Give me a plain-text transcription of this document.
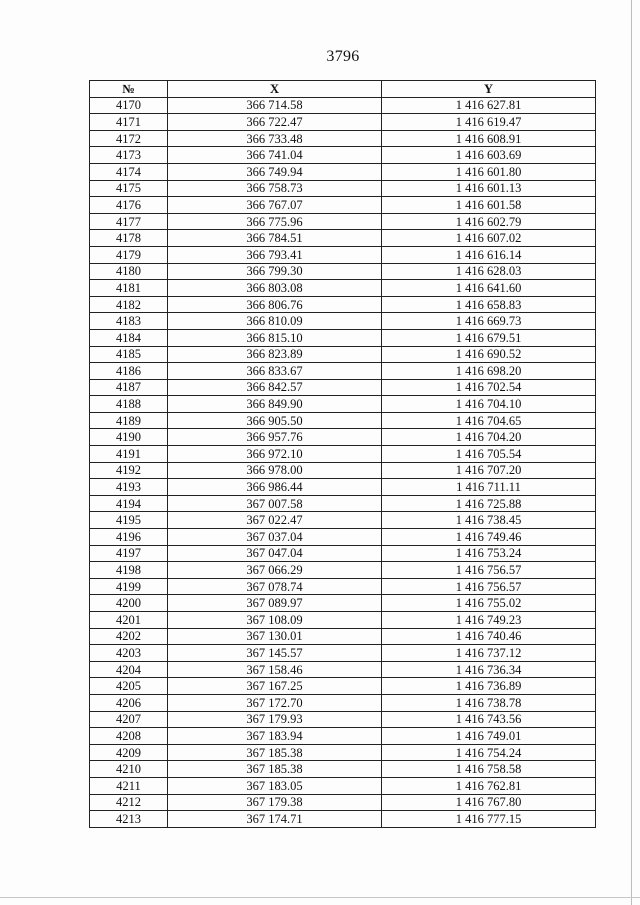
3796
№	X	Y
4170	366 714.58	1 416 627.81
4171	366 722.47	1 416 619.47
4172	366 733.48	1 416 608.91
4173	366 741.04	1 416 603.69
4174	366 749.94	1 416 601.80
4175	366 758.73	1 416 601.13
4176	366 767.07	1 416 601.58
4177	366 775.96	1 416 602.79
4178	366 784.51	1 416 607.02
4179	366 793.41	1 416 616.14
4180	366 799.30	1 416 628.03
4181	366 803.08	1 416 641.60
4182	366 806.76	1 416 658.83
4183	366 810.09	1 416 669.73
4184	366 815.10	1 416 679.51
4185	366 823.89	1 416 690.52
4186	366 833.67	1 416 698.20
4187	366 842.57	1 416 702.54
4188	366 849.90	1 416 704.10
4189	366 905.50	1 416 704.65
4190	366 957.76	1 416 704.20
4191	366 972.10	1 416 705.54
4192	366 978.00	1 416 707.20
4193	366 986.44	1 416 711.11
4194	367 007.58	1 416 725.88
4195	367 022.47	1 416 738.45
4196	367 037.04	1 416 749.46
4197	367 047.04	1 416 753.24
4198	367 066.29	1 416 756.57
4199	367 078.74	1 416 756.57
4200	367 089.97	1 416 755.02
4201	367 108.09	1 416 749.23
4202	367 130.01	1 416 740.46
4203	367 145.57	1 416 737.12
4204	367 158.46	1 416 736.34
4205	367 167.25	1 416 736.89
4206	367 172.70	1 416 738.78
4207	367 179.93	1 416 743.56
4208	367 183.94	1 416 749.01
4209	367 185.38	1 416 754.24
4210	367 185.38	1 416 758.58
4211	367 183.05	1 416 762.81
4212	367 179.38	1 416 767.80
4213	367 174.71	1 416 777.15
